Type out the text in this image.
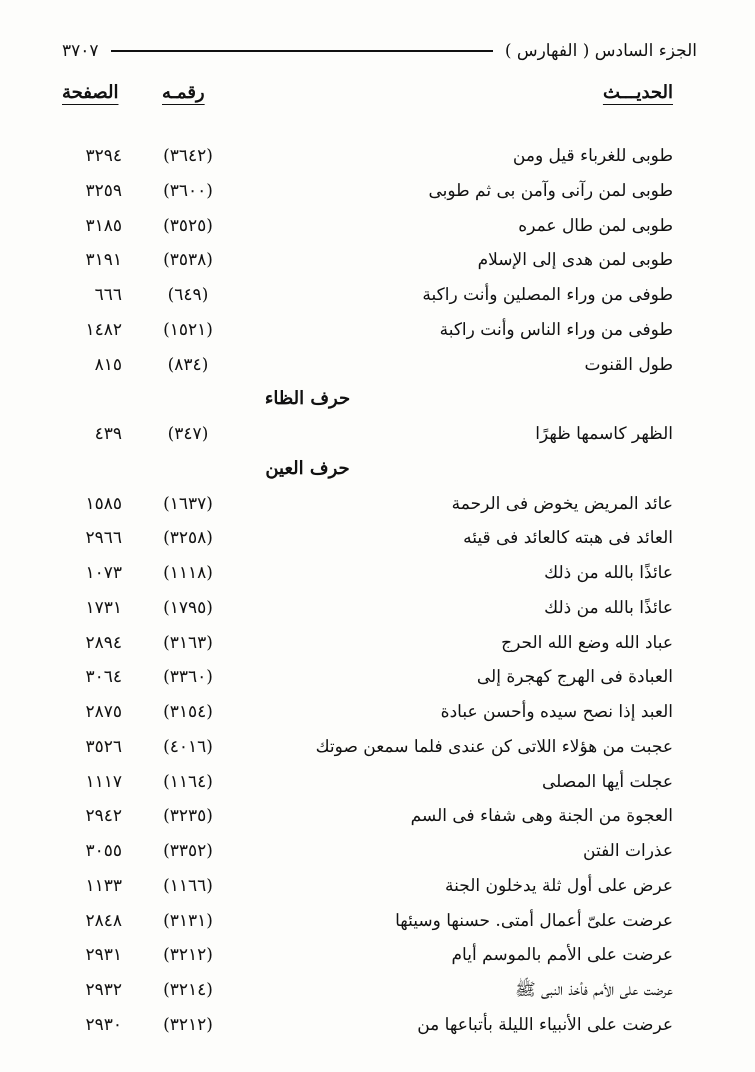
الجزء السادس ( الفهارس )
٣٧٠٧
الحديـــث
رقمـه
الصفحة
طوبى للغرباء قيل ومن
(٣٦٤٢)
٣٢٩٤
طوبى لمن رآنى وآمن بى ثم طوبى
(٣٦٠٠)
٣٢٥٩
طوبى لمن طال عمره
(٣٥٢٥)
٣١٨٥
طوبى لمن هدى إلى الإسلام
(٣٥٣٨)
٣١٩١
طوفى من وراء المصلين وأنت راكبة
(٦٤٩)
٦٦٦
طوفى من وراء الناس وأنت راكبة
(١٥٢١)
١٤٨٢
طول القنوت
(٨٣٤)
٨١٥
حرف الظاء
الظهر كاسمها ظهرًا
(٣٤٧)
٤٣٩
حرف العين
عائد المريض يخوض فى الرحمة
(١٦٣٧)
١٥٨٥
العائد فى هبته كالعائد فى قيئه
(٣٢٥٨)
٢٩٦٦
عائذًا بالله من ذلك
(١١١٨)
١٠٧٣
عائذًا بالله من ذلك
(١٧٩٥)
١٧٣١
عباد الله وضع الله الحرج
(٣١٦٣)
٢٨٩٤
العبادة فى الهرج كهجرة إلى
(٣٣٦٠)
٣٠٦٤
العبد إذا نصح سيده وأحسن عبادة
(٣١٥٤)
٢٨٧٥
عجبت من هؤلاء اللاتى كن عندى فلما سمعن صوتك
(٤٠١٦)
٣٥٢٦
عجلت أيها المصلى
(١١٦٤)
١١١٧
العجوة من الجنة وهى شفاء فى السم
(٣٢٣٥)
٢٩٤٢
عذرات الفتن
(٣٣٥٢)
٣٠٥٥
عرض على أول ثلة يدخلون الجنة
(١١٦٦)
١١٣٣
عرضت علىّ أعمال أمتى. حسنها وسيئها
(٣١٣١)
٢٨٤٨
عرضت على الأمم بالموسم أيام
(٣٢١٢)
٢٩٣١
عرضت على الأمم فأخذ النبى ﷺ
(٣٢١٤)
٢٩٣٢
عرضت على الأنبياء الليلة بأتباعها من
(٣٢١٢)
٢٩٣٠
